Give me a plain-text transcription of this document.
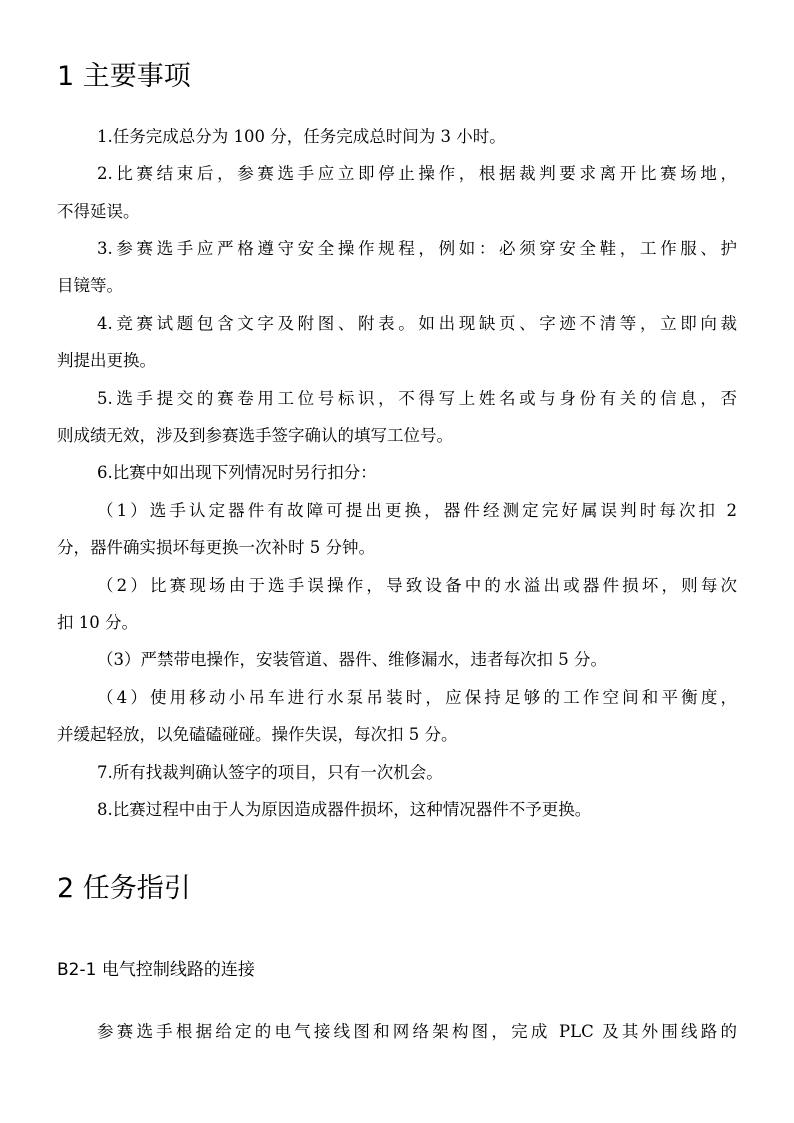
1 主要事项
1.任务完成总分为 100 分，任务完成总时间为 3 小时。
2.比赛结束后，参赛选手应立即停止操作，根据裁判要求离开比赛场地，
不得延误。
3.参赛选手应严格遵守安全操作规程，例如：必须穿安全鞋，工作服、护
目镜等。
4.竞赛试题包含文字及附图、附表。如出现缺页、字迹不清等，立即向裁
判提出更换。
5.选手提交的赛卷用工位号标识，不得写上姓名或与身份有关的信息，否
则成绩无效，涉及到参赛选手签字确认的填写工位号。
6.比赛中如出现下列情况时另行扣分：
（1）选手认定器件有故障可提出更换，器件经测定完好属误判时每次扣 2
分，器件确实损坏每更换一次补时 5 分钟。
（2）比赛现场由于选手误操作，导致设备中的水溢出或器件损坏，则每次
扣 10 分。
（3）严禁带电操作，安装管道、器件、维修漏水，违者每次扣 5 分。
（4）使用移动小吊车进行水泵吊装时，应保持足够的工作空间和平衡度，
并缓起轻放，以免磕磕碰碰。操作失误，每次扣 5 分。
7.所有找裁判确认签字的项目，只有一次机会。
8.比赛过程中由于人为原因造成器件损坏，这种情况器件不予更换。
2 任务指引
B2-1 电气控制线路的连接
参赛选手根据给定的电气接线图和网络架构图，完成 PLC 及其外围线路的
